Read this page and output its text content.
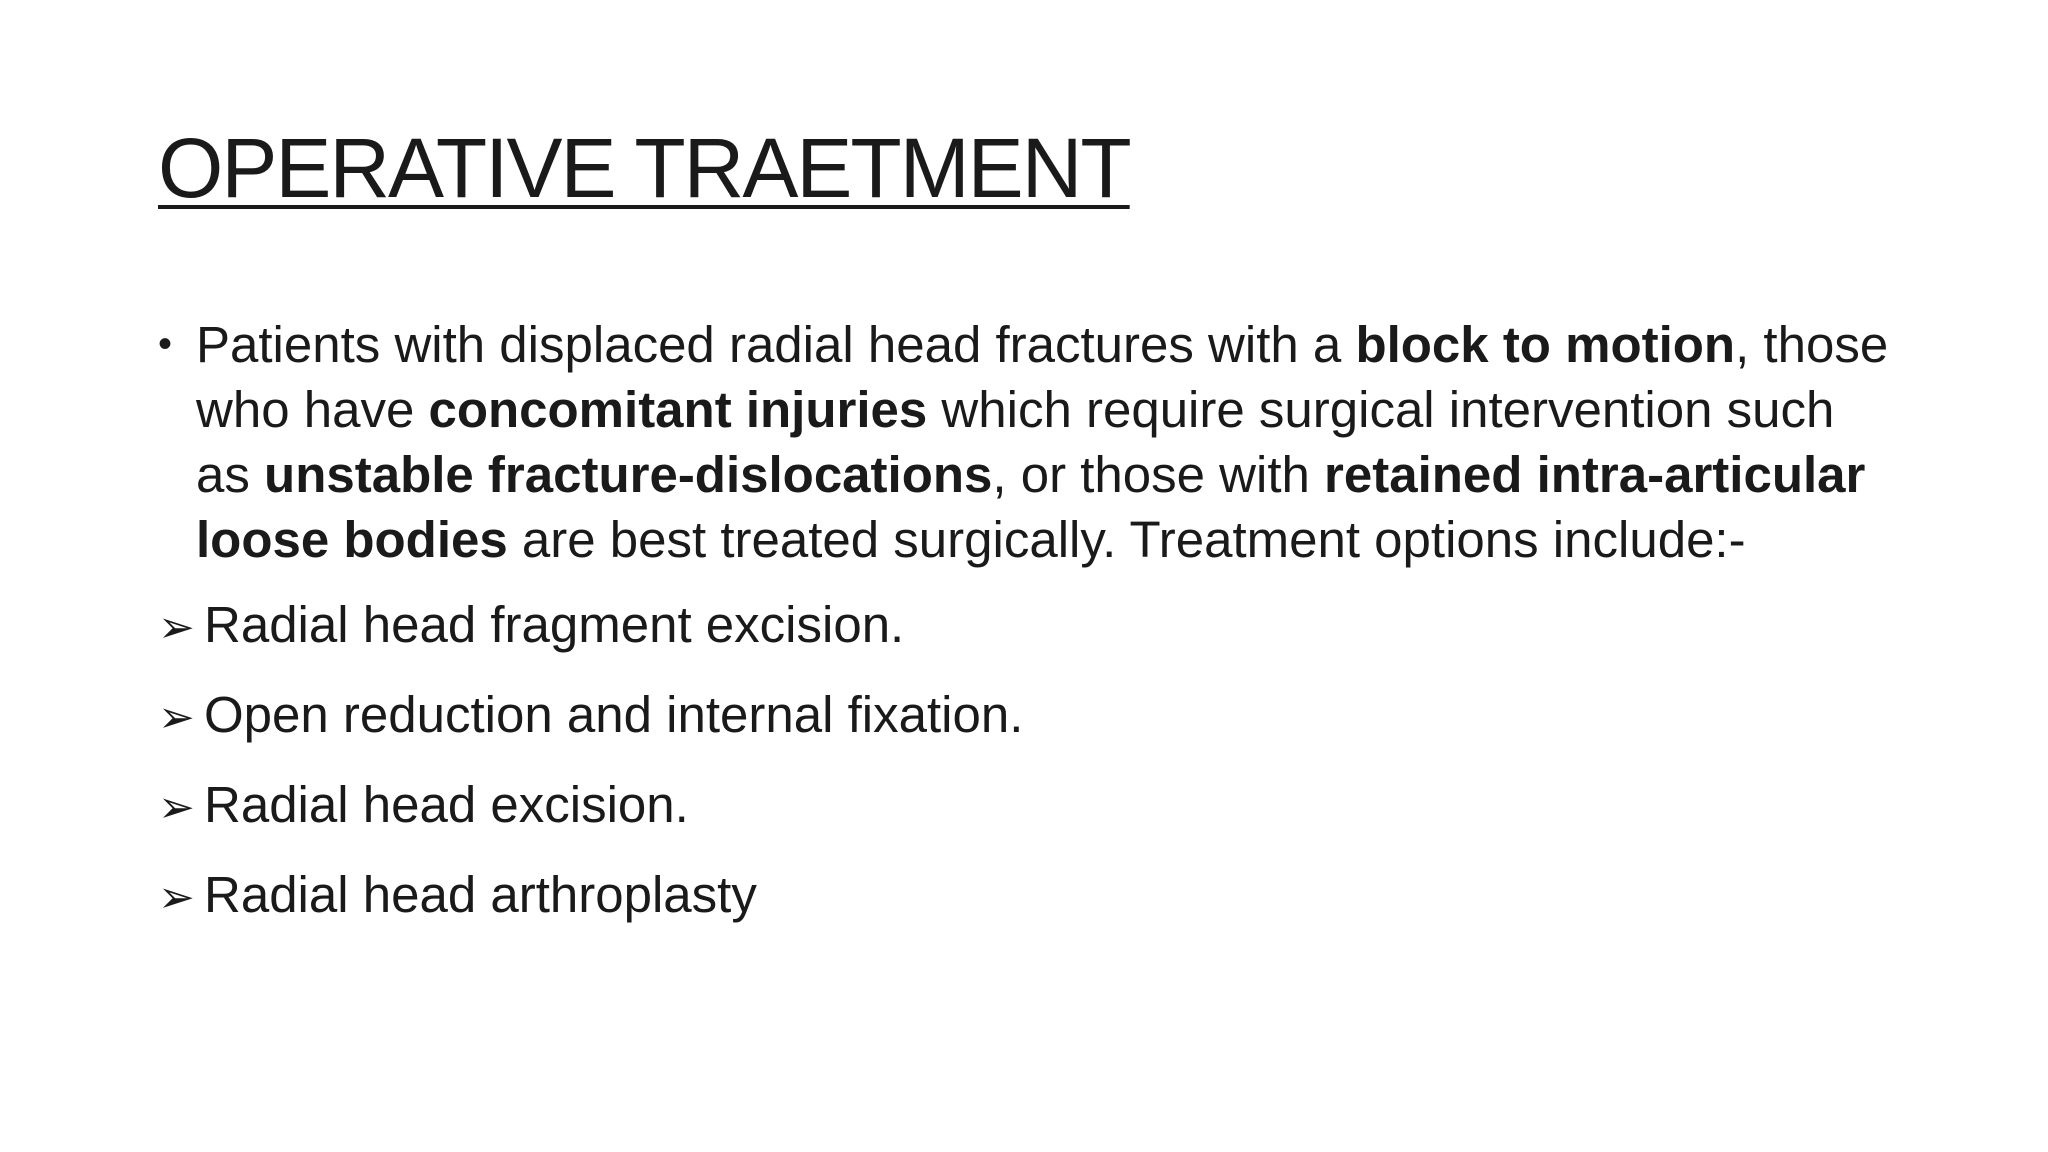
OPERATIVE TRAETMENT

• Patients with displaced radial head fractures with a block to motion, those who have concomitant injuries which require surgical intervention such as unstable fracture-dislocations, or those with retained intra-articular loose bodies are best treated surgically. Treatment options include:-

➢ Radial head fragment excision.
➢ Open reduction and internal fixation.
➢ Radial head excision.
➢ Radial head arthroplasty
